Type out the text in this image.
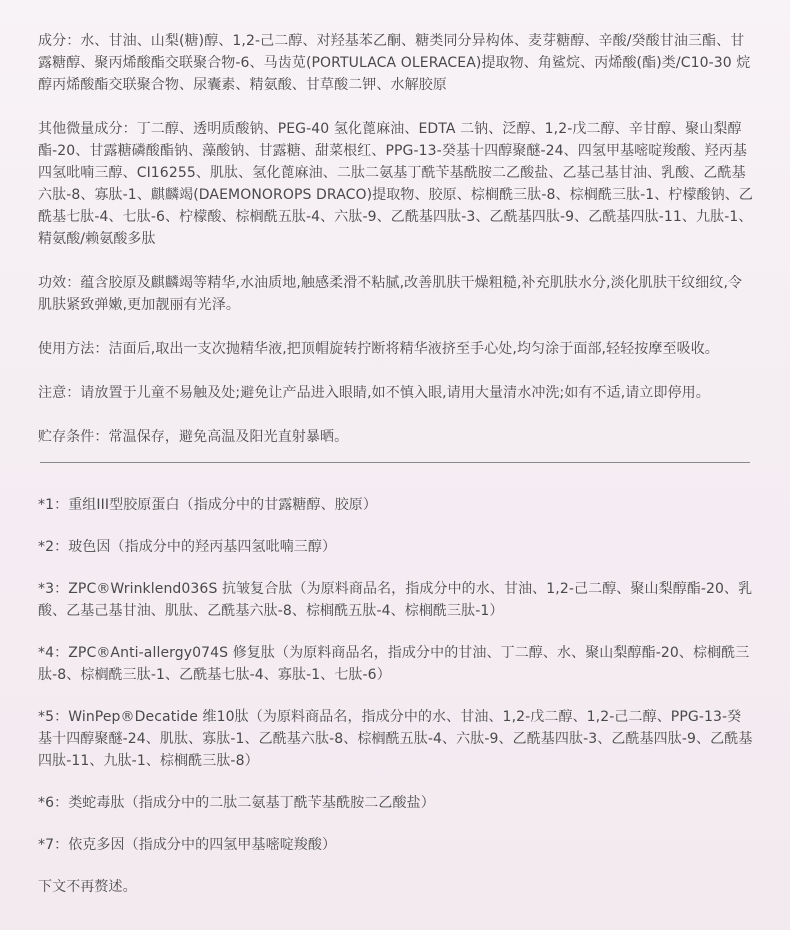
成分：水、甘油、山梨(糖)醇、1,2-己二醇、对羟基苯乙酮、糖类同分异构体、麦芽糖醇、辛酸/癸酸甘油三酯、甘露糖醇、聚丙烯酸酯交联聚合物-6、马齿苋(PORTULACA OLERACEA)提取物、角鲨烷、丙烯酸(酯)类/C10-30 烷醇丙烯酸酯交联聚合物、尿囊素、精氨酸、甘草酸二钾、水解胶原

其他微量成分：丁二醇、透明质酸钠、PEG-40 氢化蓖麻油、EDTA 二钠、泛醇、1,2-戊二醇、辛甘醇、聚山梨醇酯-20、甘露糖磷酸酯钠、藻酸钠、甘露糖、甜菜根红、PPG-13-癸基十四醇聚醚-24、四氢甲基嘧啶羧酸、羟丙基四氢吡喃三醇、CI16255、肌肽、氢化蓖麻油、二肽二氨基丁酰苄基酰胺二乙酸盐、乙基己基甘油、乳酸、乙酰基六肽-8、寡肽-1、麒麟竭(DAEMONOROPS DRACO)提取物、胶原、棕榈酰三肽-8、棕榈酰三肽-1、柠檬酸钠、乙酰基七肽-4、七肽-6、柠檬酸、棕榈酰五肽-4、六肽-9、乙酰基四肽-3、乙酰基四肽-9、乙酰基四肽-11、九肽-1、精氨酸/赖氨酸多肽

功效：蕴含胶原及麒麟竭等精华,水油质地,触感柔滑不粘腻,改善肌肤干燥粗糙,补充肌肤水分,淡化肌肤干纹细纹,令肌肤紧致弹嫩,更加靓丽有光泽。

使用方法：洁面后,取出一支次抛精华液,把顶帽旋转拧断将精华液挤至手心处,均匀涂于面部,轻轻按摩至吸收。

注意：请放置于儿童不易触及处;避免让产品进入眼睛,如不慎入眼,请用大量清水冲洗;如有不适,请立即停用。

贮存条件：常温保存，避免高温及阳光直射暴晒。

*1：重组III型胶原蛋白（指成分中的甘露糖醇、胶原）

*2：玻色因（指成分中的羟丙基四氢吡喃三醇）

*3：ZPC®Wrinklend036S 抗皱复合肽（为原料商品名，指成分中的水、甘油、1,2-己二醇、聚山梨醇酯-20、乳酸、乙基己基甘油、肌肽、乙酰基六肽-8、棕榈酰五肽-4、棕榈酰三肽-1）

*4：ZPC®Anti-allergy074S 修复肽（为原料商品名，指成分中的甘油、丁二醇、水、聚山梨醇酯-20、棕榈酰三肽-8、棕榈酰三肽-1、乙酰基七肽-4、寡肽-1、七肽-6）

*5：WinPep®Decatide 维10肽（为原料商品名，指成分中的水、甘油、1,2-戊二醇、1,2-己二醇、PPG-13-癸基十四醇聚醚-24、肌肽、寡肽-1、乙酰基六肽-8、棕榈酰五肽-4、六肽-9、乙酰基四肽-3、乙酰基四肽-9、乙酰基四肽-11、九肽-1、棕榈酰三肽-8）

*6：类蛇毒肽（指成分中的二肽二氨基丁酰苄基酰胺二乙酸盐）

*7：依克多因（指成分中的四氢甲基嘧啶羧酸）

下文不再赘述。
